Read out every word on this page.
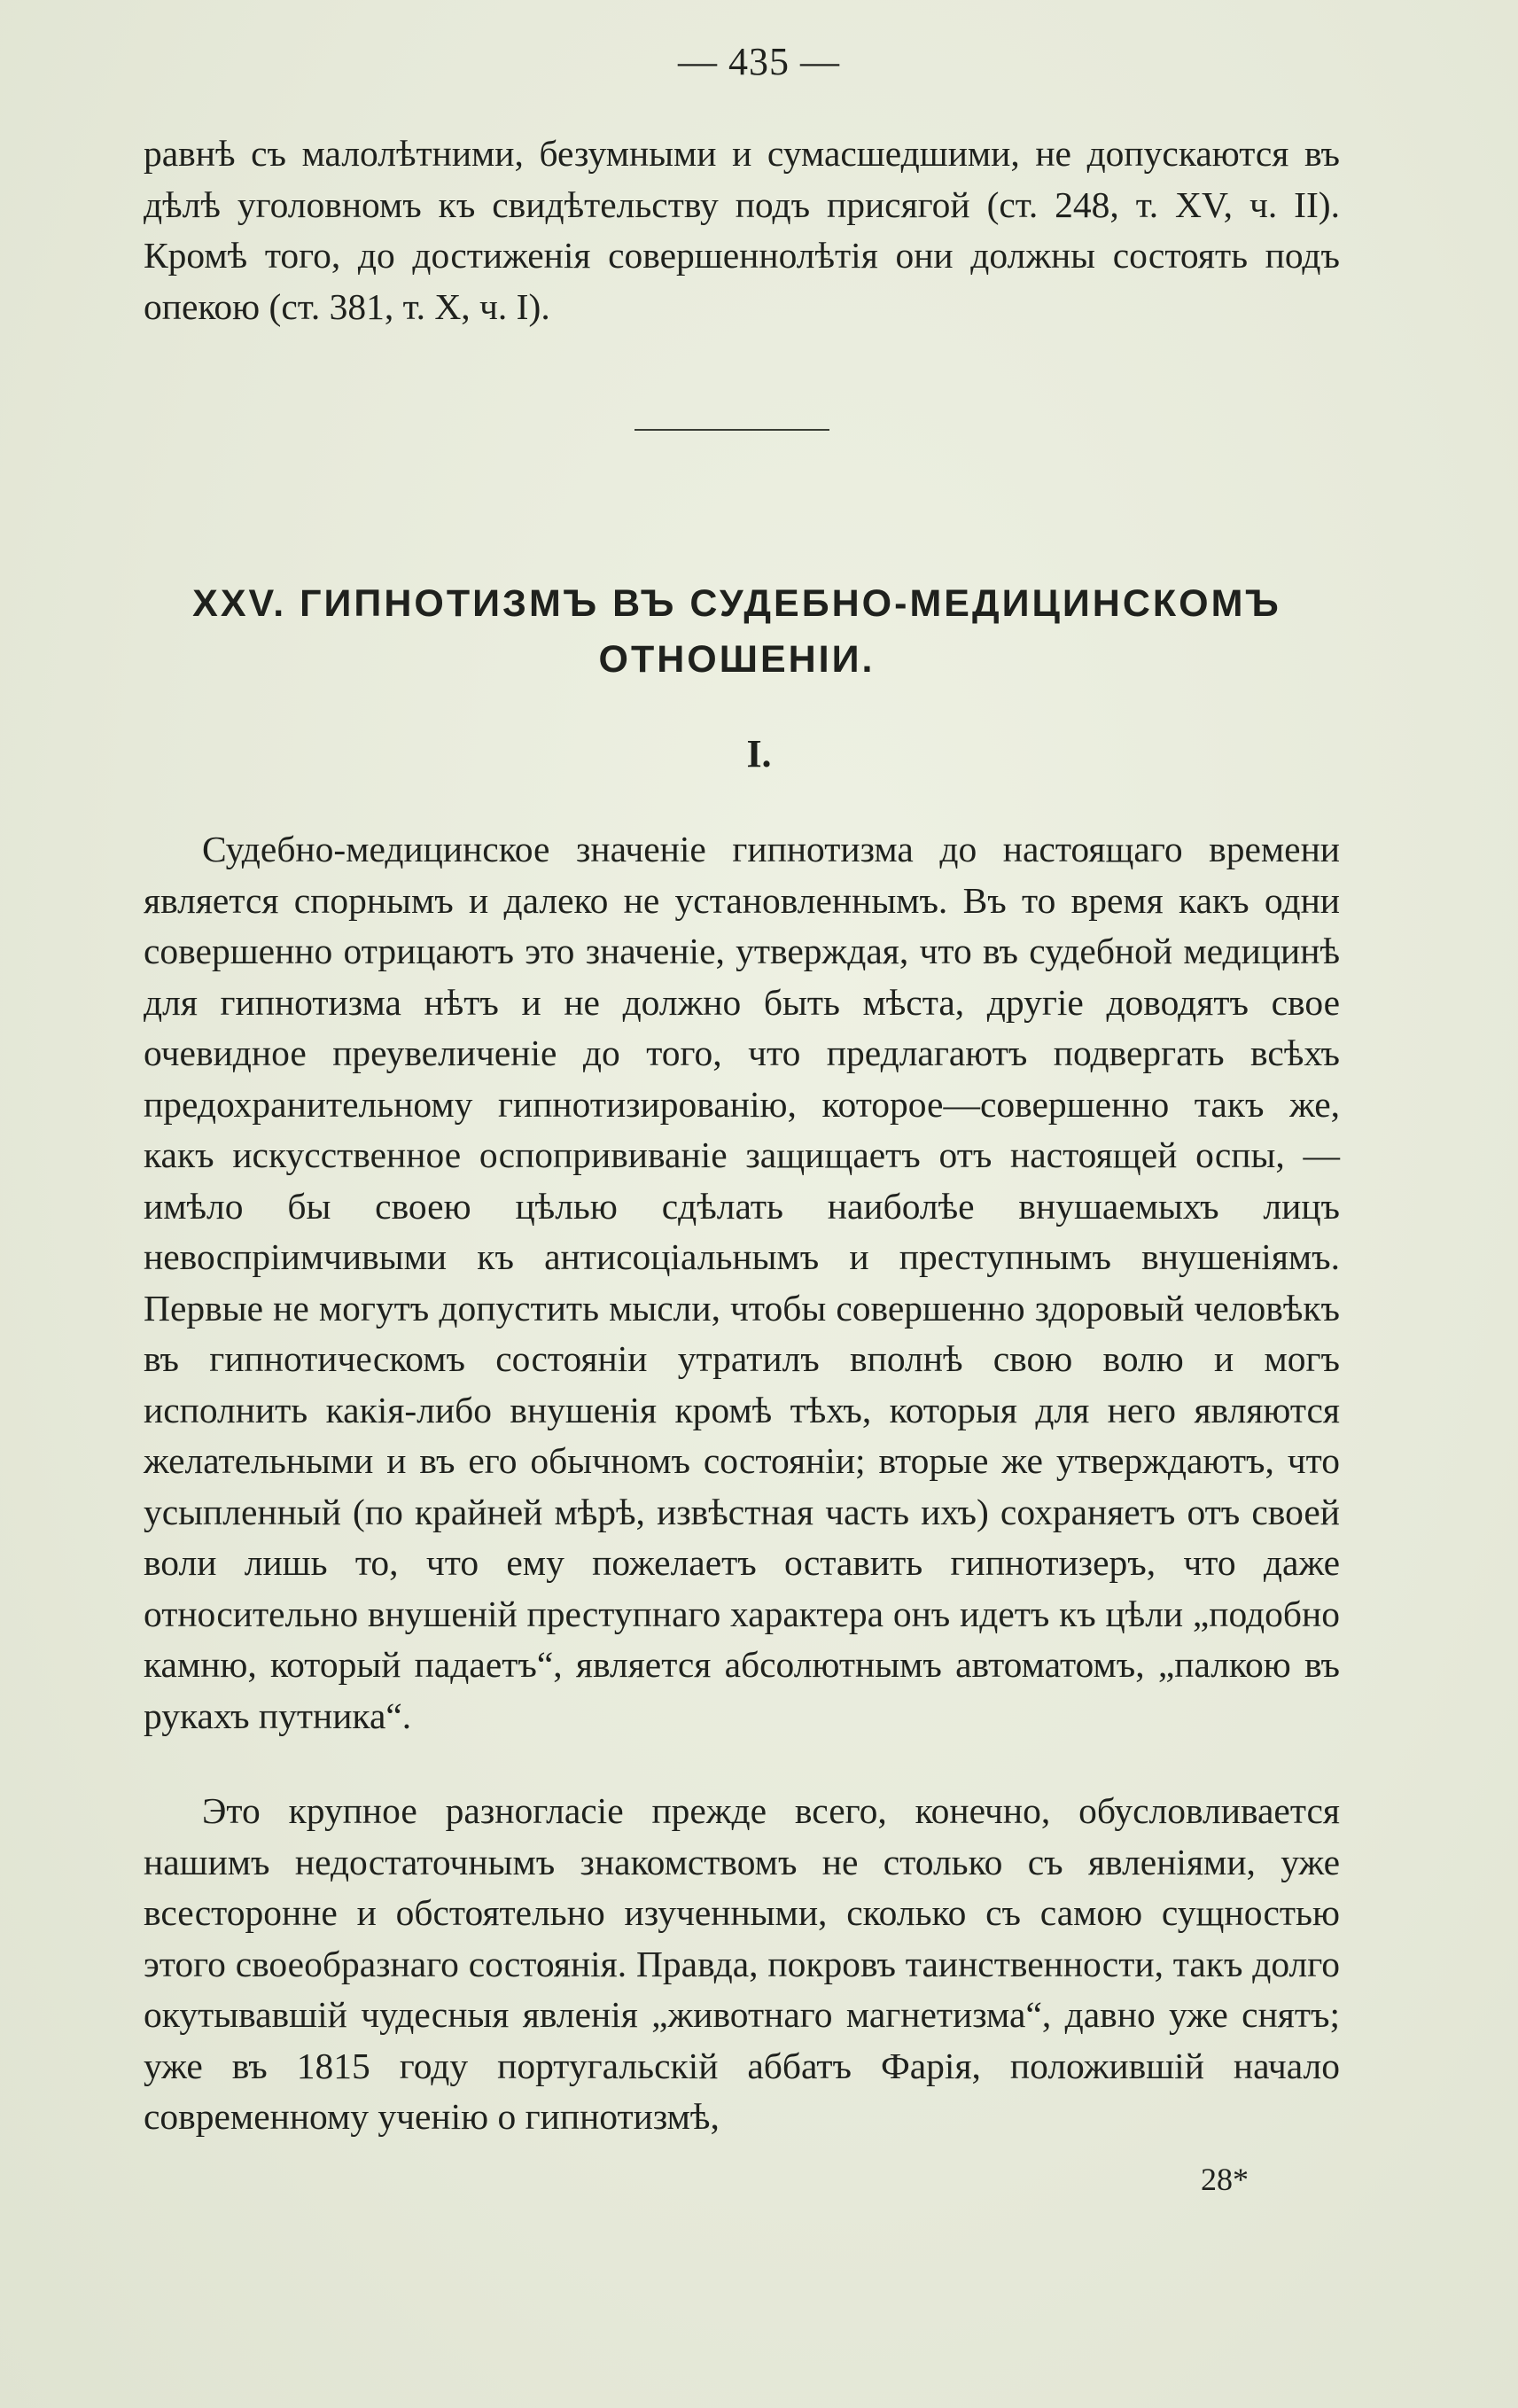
— 435 —

равнѣ съ малолѣтними, безумными и сумасшедшими, не допускаются въ дѣлѣ уголовномъ къ свидѣтельству подъ присягой (ст. 248, т. XV, ч. II). Кромѣ того, до достиженія совершеннолѣтія они должны состоять подъ опекою (ст. 381, т. X, ч. I).

XXV. ГИПНОТИЗМЪ ВЪ СУДЕБНО-МЕДИЦИНСКОМЪ ОТНОШЕНІИ.
I.

Судебно-медицинское значеніе гипнотизма до настоящаго времени является спорнымъ и далеко не установленнымъ. Въ то время какъ одни совершенно отрицаютъ это значеніе, утверждая, что въ судебной медицинѣ для гипнотизма нѣтъ и не должно быть мѣста, другіе доводятъ свое очевидное преувеличеніе до того, что предлагаютъ подвергать всѣхъ предохранительному гипнотизированію, которое—совершенно такъ же, какъ искусственное оспопрививаніе защищаетъ отъ настоящей оспы, —имѣло бы своею цѣлью сдѣлать наиболѣе внушаемыхъ лицъ невоспріимчивыми къ антисоціальнымъ и преступнымъ внушеніямъ. Первые не могутъ допустить мысли, чтобы совершенно здоровый человѣкъ въ гипнотическомъ состояніи утратилъ вполнѣ свою волю и могъ исполнить какія-либо внушенія кромѣ тѣхъ, которыя для него являются желательными и въ его обычномъ состояніи; вторые же утверждаютъ, что усыпленный (по крайней мѣрѣ, извѣстная часть ихъ) сохраняетъ отъ своей воли лишь то, что ему пожелаетъ оставить гипнотизеръ, что даже относительно внушеній преступнаго характера онъ идетъ къ цѣли „подобно камню, который падаетъ“, является абсолютнымъ автоматомъ, „палкою въ рукахъ путника“.

Это крупное разногласіе прежде всего, конечно, обусловливается нашимъ недостаточнымъ знакомствомъ не столько съ явленіями, уже всесторонне и обстоятельно изученными, сколько съ самою сущностью этого своеобразнаго состоянія. Правда, покровъ таинственности, такъ долго окутывавшій чудесныя явленія „животнаго магнетизма“, давно уже снятъ; уже въ 1815 году португальскій аббатъ Фарія, положившій начало современному ученію о гипнотизмѣ,

28*
